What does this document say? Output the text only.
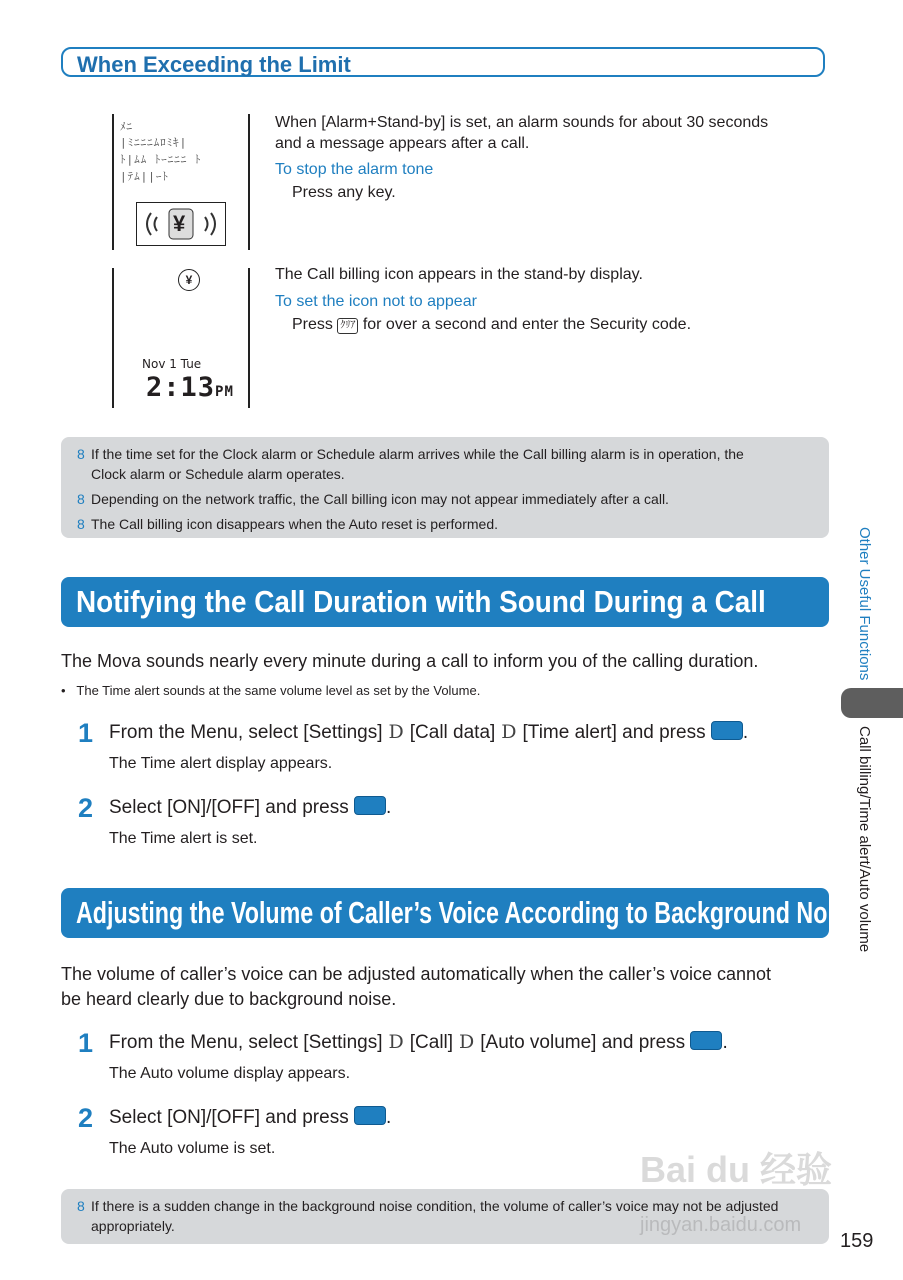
When Exceeding the Limit
ﾒﾆ
|ﾐﾆﾆﾆﾑﾛﾐｷ|
ﾄ|ﾑﾑ ﾄｰﾆﾆﾆ ﾄ
|ﾃﾑ||ｰﾄ
¥
When [Alarm+Stand-by] is set, an alarm sounds for about 30 seconds
and a message appears after a call.
To stop the alarm tone
Press any key.
¥
Nov 1 Tue
2:13PM
The Call billing icon appears in the stand-by display.
To set the icon not to appear
Press ｸﾘｱ for over a second and enter the Security code.
8 If the time set for the Clock alarm or Schedule alarm arrives while the Call billing alarm is in operation, the
Clock alarm or Schedule alarm operates.
8 Depending on the network traffic, the Call billing icon may not appear immediately after a call.
8 The Call billing icon disappears when the Auto reset is performed.
Notifying the Call Duration with Sound During a Call
The Mova sounds nearly every minute during a call to inform you of the calling duration.
• The Time alert sounds at the same volume level as set by the Volume.
1 From the Menu, select [Settings] D [Call data] D [Time alert] and press .
The Time alert display appears.
2 Select [ON]/[OFF] and press .
The Time alert is set.
Adjusting the Volume of Caller’s Voice According to Background Noise
The volume of caller’s voice can be adjusted automatically when the caller’s voice cannot
be heard clearly due to background noise.
1 From the Menu, select [Settings] D [Call] D [Auto volume] and press .
The Auto volume display appears.
2 Select [ON]/[OFF] and press .
The Auto volume is set.
8 If there is a sudden change in the background noise condition, the volume of caller’s voice may not be adjusted
appropriately.
Other Useful Functions
Call billing/Time alert/Auto volume
Bai du 经验
jingyan.baidu.com
159
